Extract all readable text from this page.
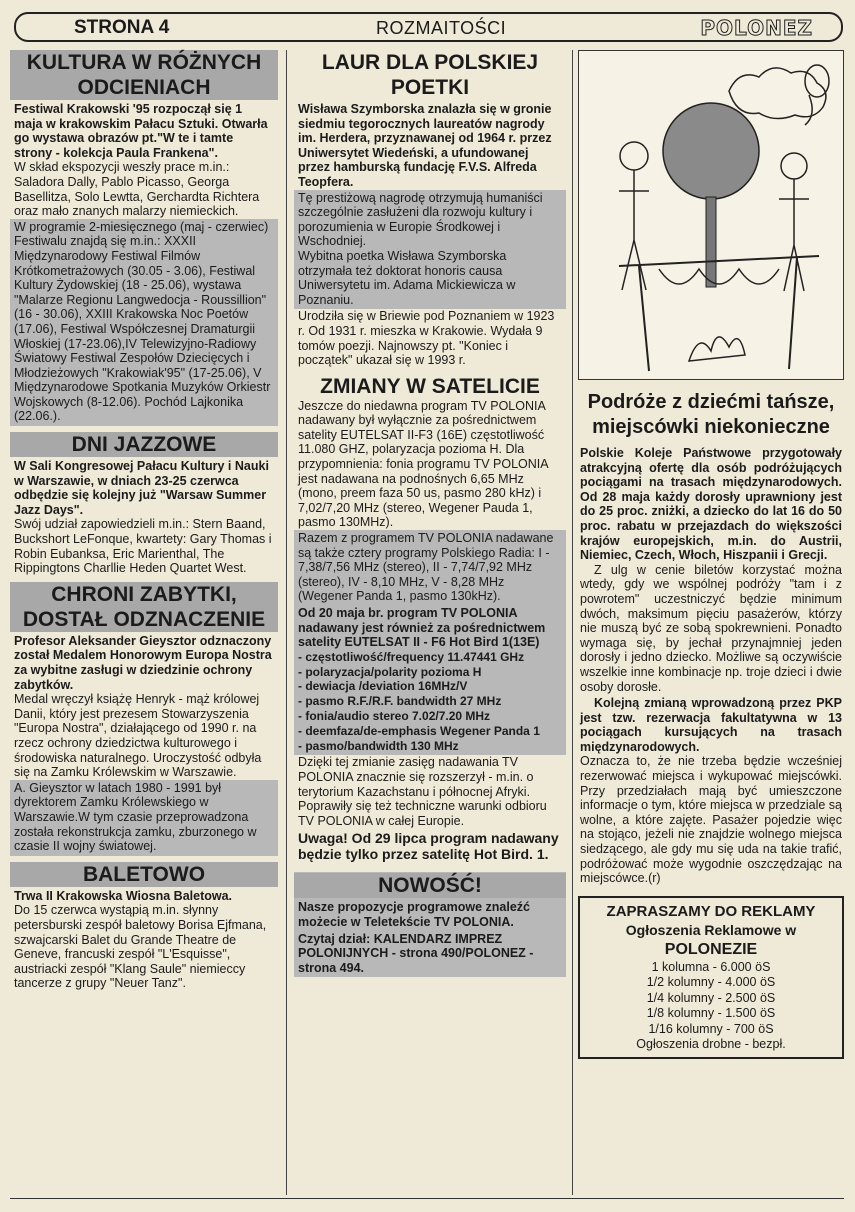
STRONA 4	ROZMAITOŚCI	POLONEZ
KULTURA W RÓŻNYCH ODCIENIACH

Festiwal Krakowski '95 rozpoczął się 1 maja w krakowskim Pałacu Sztuki. Otwarła go wystawa obrazów pt."W te i tamte strony - kolekcja Paula Frankena".

W skład ekspozycji weszły prace m.in.: Saladora Dally, Pablo Picasso, Georga Basellitza, Solo Lewtta, Gerchardta Richtera oraz mało znanych malarzy niemieckich.

W programie 2-miesięcznego (maj - czerwiec) Festiwalu znajdą się m.in.: XXXII Międzynarodowy Festiwal Filmów Krótkometrażowych (30.05 - 3.06), Festiwal Kultury Żydowskiej (18 - 25.06), wystawa "Malarze Regionu Langwedocja - Roussillion" (16 - 30.06), XXIII Krakowska Noc Poetów (17.06), Festiwal Współczesnej Dramaturgii Włoskiej (17-23.06),IV Telewizyjno-Radiowy Światowy Festiwal Zespołów Dziecięcych i Młodzieżowych "Krakowiak'95" (17-25.06), V Międzynarodowe Spotkania Muzyków Orkiestr Wojskowych (8-12.06). Pochód Lajkonika (22.06.).

DNI JAZZOWE

W Sali Kongresowej Pałacu Kultury i Nauki w Warszawie, w dniach 23-25 czerwca odbędzie się kolejny już "Warsaw Summer Jazz Days".

Swój udział zapowiedzieli m.in.: Stern Baand, Buckshort LeFonque, kwartety: Gary Thomas i Robin Eubanksa, Eric Marienthal, The Rippingtons Charllie Heden Quartet West.

CHRONI ZABYTKI, DOSTAŁ ODZNACZENIE

Profesor Aleksander Gieysztor odznaczony został Medalem Honorowym Europa Nostra za wybitne zasługi w dziedzinie ochrony zabytków.

Medal wręczył książę Henryk - mąż królowej Danii, który jest prezesem Stowarzyszenia "Europa Nostra", działającego od 1990 r. na rzecz ochrony dziedzictwa kulturowego i środowiska naturalnego. Uroczystość odbyła się na Zamku Królewskim w Warszawie.

A. Gieysztor w latach 1980 - 1991 był dyrektorem Zamku Królewskiego w Warszawie.W tym czasie przeprowadzona została rekonstrukcja zamku, zburzonego w czasie II wojny światowej.

BALETOWO

Trwa II Krakowska Wiosna Baletowa.

Do 15 czerwca wystąpią m.in. słynny petersburski zespół baletowy Borisa Ejfmana, szwajcarski Balet du Grande Theatre de Geneve, francuski zespół "L'Esquisse", austriacki zespół "Klang Saule" niemieccy tancerze z grupy "Neuer Tanz".

LAUR DLA POLSKIEJ POETKI

Wisława Szymborska znalazła się w gronie siedmiu tegorocznych laureatów nagrody im. Herdera, przyznawanej od 1964 r. przez Uniwersytet Wiedeński, a ufundowanej przez hamburską fundację F.V.S. Alfreda Teopfera.

Tę prestiżową nagrodę otrzymują humaniści szczególnie zasłużeni dla rozwoju kultury i porozumienia w Europie Środkowej i Wschodniej.

Wybitna poetka Wisława Szymborska otrzymała też doktorat honoris causa Uniwersytetu im. Adama Mickiewicza w Poznaniu.

Urodziła się w Briewie pod Poznaniem w 1923 r. Od 1931 r. mieszka w Krakowie. Wydała 9 tomów poezji. Najnowszy pt. "Koniec i początek" ukazał się w 1993 r.

ZMIANY W SATELICIE

Jeszcze do niedawna program TV POLONIA nadawany był wyłącznie za pośrednictwem satelity EUTELSAT II-F3 (16E) częstotliwość 11.080 GHZ, polaryzacja pozioma H. Dla przypomnienia: fonia programu TV POLONIA jest nadawana na podnośnych 6,65 MHz (mono, preem faza 50 us, pasmo 280 kHz) i 7,02/7,20 MHz (stereo, Wegener Pauda 1, pasmo 130MHz).

Razem z programem TV POLONIA nadawane są także cztery programy Polskiego Radia: I - 7,38/7,56 MHz (stereo), II - 7,74/7,92 MHz (stereo), IV - 8,10 MHz, V - 8,28 MHz (Wegener Panda 1, pasmo 130kHz).

Od 20 maja br. program TV POLONIA nadawany jest również za pośrednictwem satelity EUTELSAT II - F6 Hot Bird 1(13E)

- częstotliwość/frequency 11.47441 GHz
- polaryzacja/polarity pozioma H
- dewiacja /deviation 16MHz/V
- pasmo R.F./R.F. bandwidth 27 MHz
- fonia/audio stereo 7.02/7.20 MHz
- deemfaza/de-emphasis Wegener Panda 1
- pasmo/bandwidth 130 MHz

Dzięki tej zmianie zasięg nadawania TV POLONIA znacznie się rozszerzył - m.in. o terytorium Kazachstanu i północnej Afryki. Poprawiły się też techniczne warunki odbioru TV POLONIA w całej Europie.

Uwaga! Od 29 lipca program nadawany będzie tylko przez satelitę Hot Bird. 1.

NOWOŚĆ!

Nasze propozycje programowe znaleźć możecie w Teletekście TV POLONIA.

Czytaj dział: KALENDARZ IMPREZ POLONIJNYCH - strona 490/POLONEZ - strona 494.

Podróże z dziećmi tańsze, miejscówki niekonieczne

Polskie Koleje Państwowe przygotowały atrakcyjną ofertę dla osób podróżujących pociągami na trasach międzynarodowych. Od 28 maja każdy dorosły uprawniony jest do 25 proc. zniżki, a dziecko do lat 16 do 50 proc. rabatu w przejazdach do większości krajów europejskich, m.in. do Austrii, Niemiec, Czech, Włoch, Hiszpanii i Grecji.

Z ulg w cenie biletów korzystać można wtedy, gdy we wspólnej podróży "tam i z powrotem" uczestniczyć będzie minimum dwóch, maksimum pięciu pasażerów, którzy nie muszą być ze sobą spokrewnieni. Ponadto wymaga się, by jechał przynajmniej jeden dorosły i jedno dziecko. Możliwe są oczywiście wszelkie inne kombinacje np. troje dzieci i dwie osoby dorosłe.

Kolejną zmianą wprowadzoną przez PKP jest tzw. rezerwacja fakultatywna w 13 pociągach kursujących na trasach międzynarodowych.

Oznacza to, że nie trzeba będzie wcześniej rezerwować miejsca i wykupować miejscówki. Przy przedziałach mają być umieszczone informacje o tym, które miejsca w przedziale są wolne, a które zajęte. Pasażer pojedzie więc na stojąco, jeżeli nie znajdzie wolnego miejsca siedzącego, ale gdy mu się uda na takie trafić, podróżować może wygodnie oszczędzając na miejscówce.(r)

ZAPRASZAMY DO REKLAMY
Ogłoszenia Reklamowe w
POLONEZIE
1 kolumna - 6.000 öS
1/2 kolumny - 4.000 öS
1/4 kolumny - 2.500 öS
1/8 kolumny - 1.500 öS
1/16 kolumny - 700 öS
Ogłoszenia drobne - bezpł.
